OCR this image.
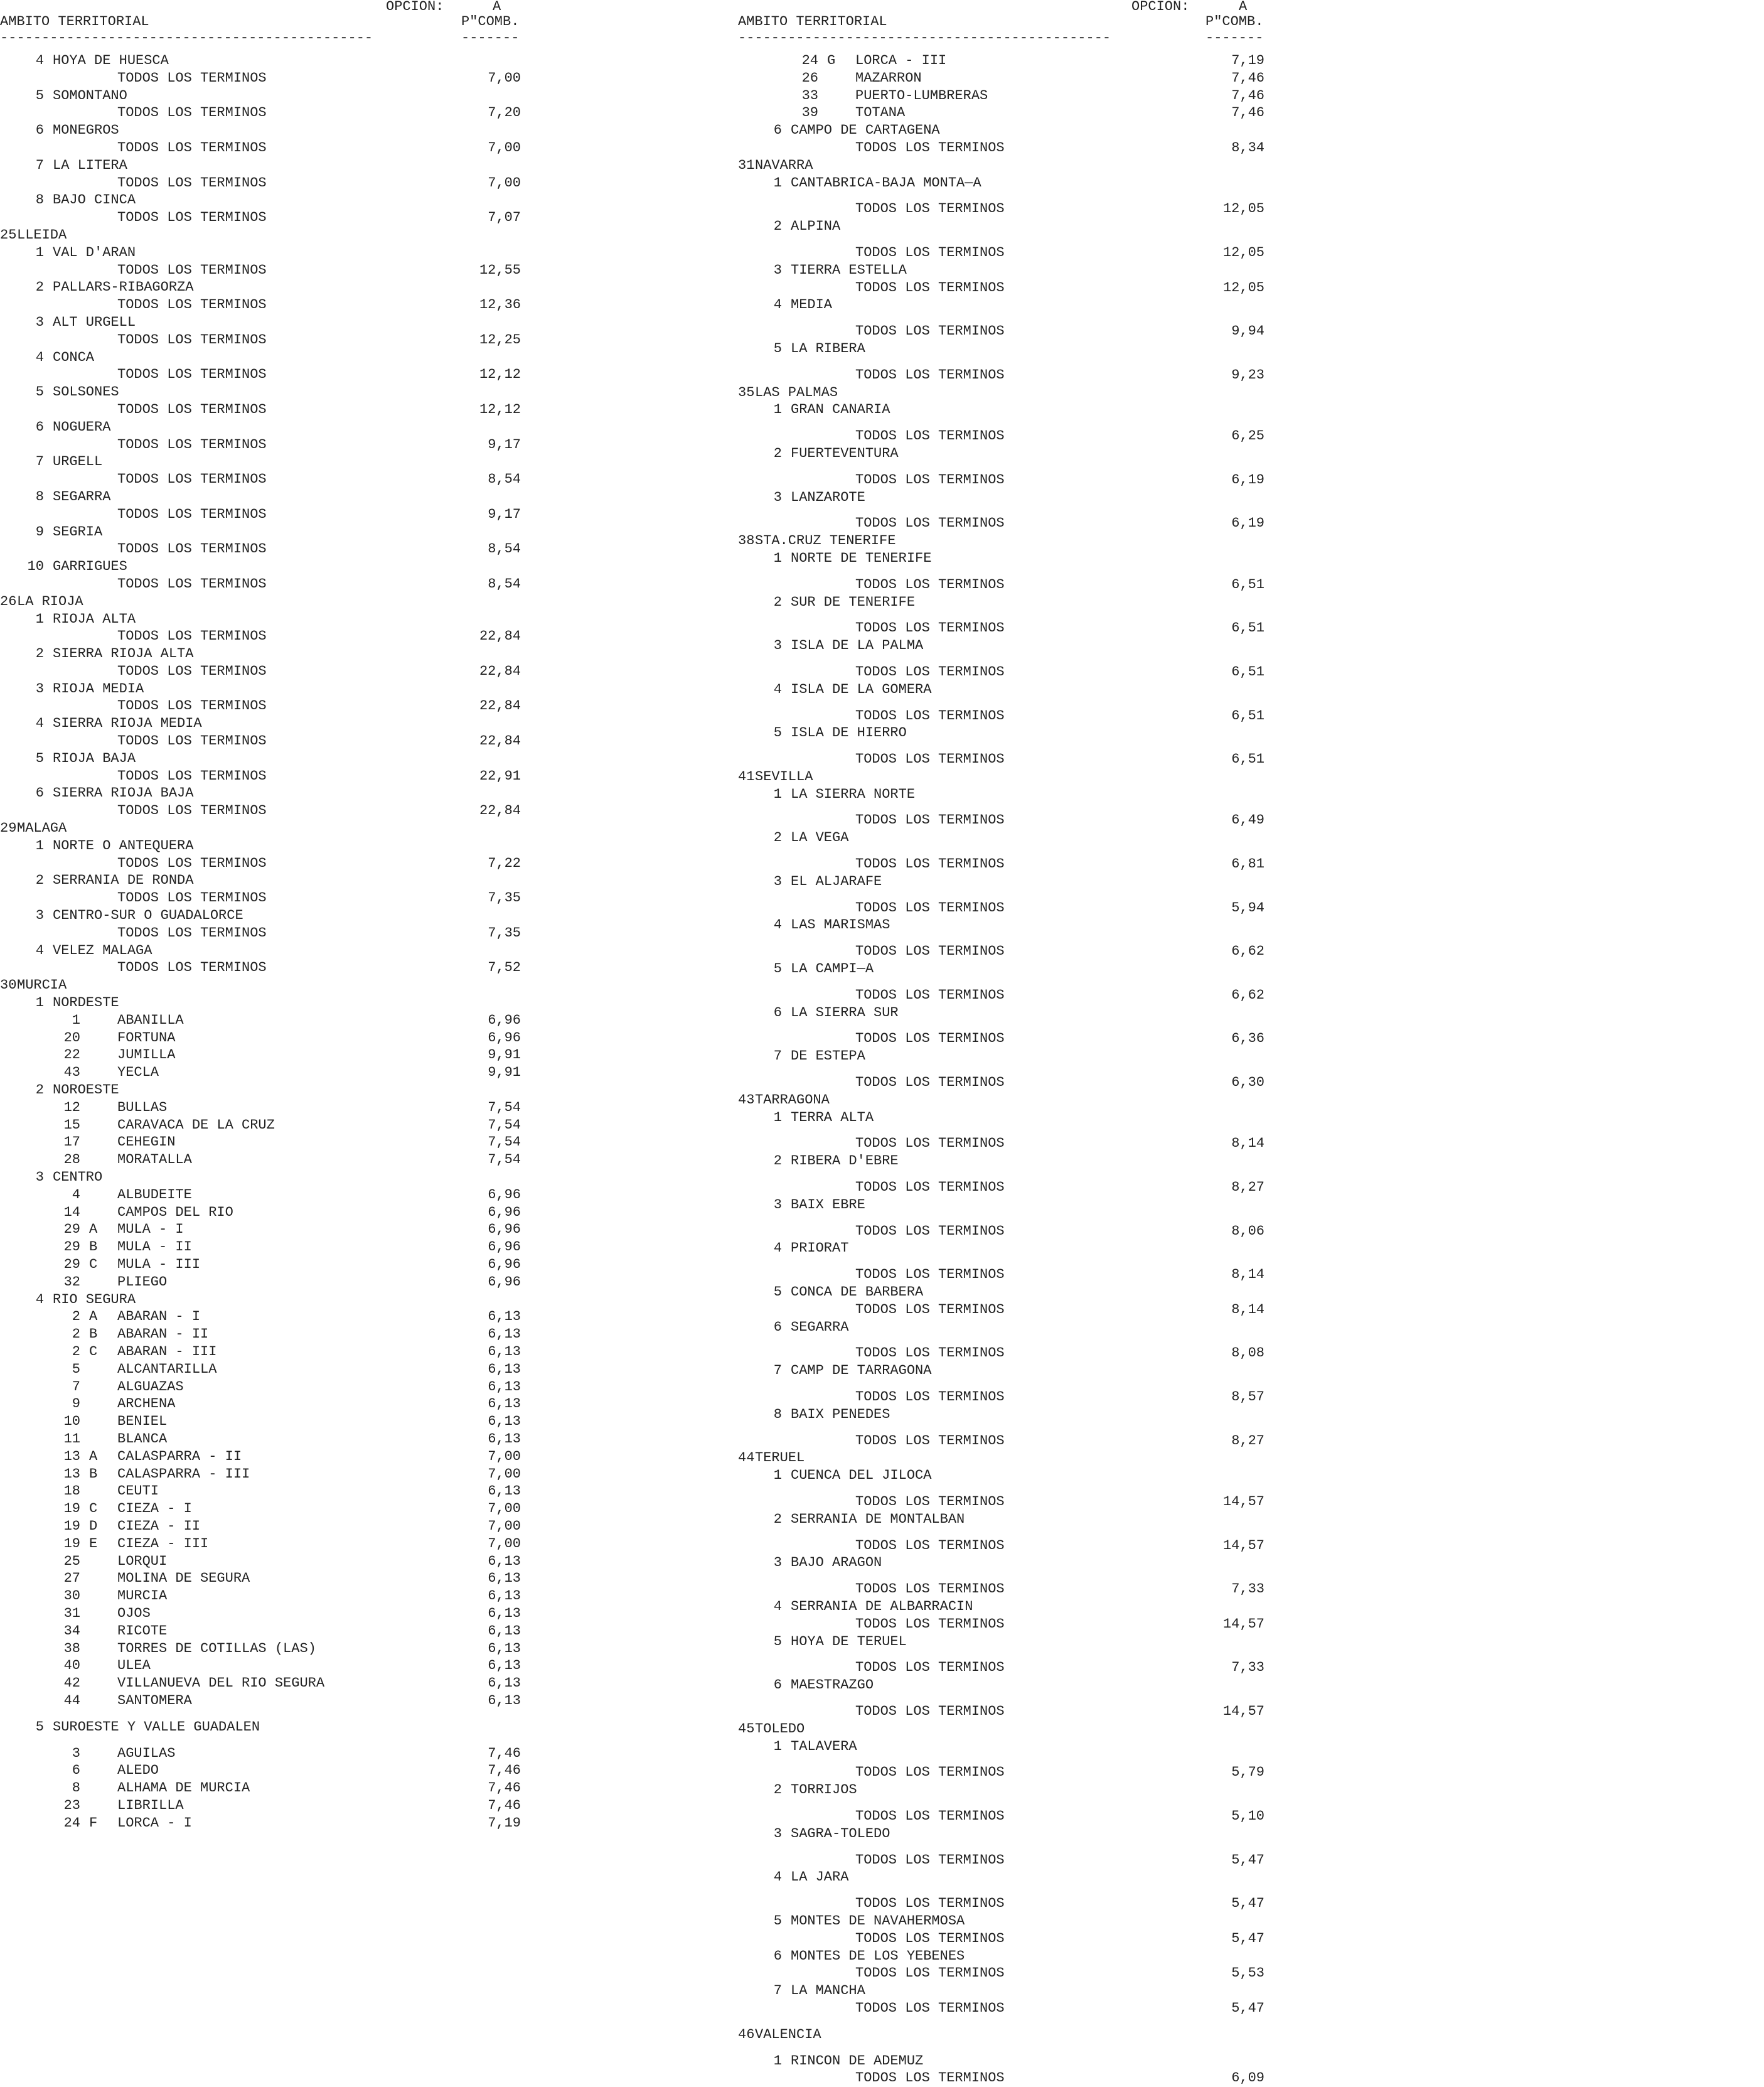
OPCION:	A
AMBITO TERRITORIAL	P"COMB.
---------------------------------------------	-------
4 HOYA DE HUESCA
TODOS LOS TERMINOS	7,00
5 SOMONTANO
TODOS LOS TERMINOS	7,20
6 MONEGROS
TODOS LOS TERMINOS	7,00
7 LA LITERA
TODOS LOS TERMINOS	7,00
8 BAJO CINCA
TODOS LOS TERMINOS	7,07
25 LLEIDA
1 VAL D'ARAN
TODOS LOS TERMINOS	12,55
2 PALLARS-RIBAGORZA
TODOS LOS TERMINOS	12,36
3 ALT URGELL
TODOS LOS TERMINOS	12,25
4 CONCA
TODOS LOS TERMINOS	12,12
5 SOLSONES
TODOS LOS TERMINOS	12,12
6 NOGUERA
TODOS LOS TERMINOS	9,17
7 URGELL
TODOS LOS TERMINOS	8,54
8 SEGARRA
TODOS LOS TERMINOS	9,17
9 SEGRIA
TODOS LOS TERMINOS	8,54
10 GARRIGUES
TODOS LOS TERMINOS	8,54
26 LA RIOJA
1 RIOJA ALTA
TODOS LOS TERMINOS	22,84
2 SIERRA RIOJA ALTA
TODOS LOS TERMINOS	22,84
3 RIOJA MEDIA
TODOS LOS TERMINOS	22,84
4 SIERRA RIOJA MEDIA
TODOS LOS TERMINOS	22,84
5 RIOJA BAJA
TODOS LOS TERMINOS	22,91
6 SIERRA RIOJA BAJA
TODOS LOS TERMINOS	22,84
29 MALAGA
1 NORTE O ANTEQUERA
TODOS LOS TERMINOS	7,22
2 SERRANIA DE RONDA
TODOS LOS TERMINOS	7,35
3 CENTRO-SUR O GUADALORCE
TODOS LOS TERMINOS	7,35
4 VELEZ MALAGA
TODOS LOS TERMINOS	7,52
30 MURCIA
1 NORDESTE
1	ABANILLA	6,96
20	FORTUNA	6,96
22	JUMILLA	9,91
43	YECLA	9,91
2 NOROESTE
12	BULLAS	7,54
15	CARAVACA DE LA CRUZ	7,54
17	CEHEGIN	7,54
28	MORATALLA	7,54
3 CENTRO
4	ALBUDEITE	6,96
14	CAMPOS DEL RIO	6,96
29 A MULA - I	6,96
29 B MULA - II	6,96
29 C MULA - III	6,96
32	PLIEGO	6,96
4 RIO SEGURA
2 A ABARAN - I	6,13
2 B ABARAN - II	6,13
2 C ABARAN - III	6,13
5	ALCANTARILLA	6,13
7	ALGUAZAS	6,13
9	ARCHENA	6,13
10	BENIEL	6,13
11	BLANCA	6,13
13 A CALASPARRA - II	7,00
13 B CALASPARRA - III	7,00
18	CEUTI	6,13
19 C CIEZA - I	7,00
19 D CIEZA - II	7,00
19 E CIEZA - III	7,00
25	LORQUI	6,13
27	MOLINA DE SEGURA	6,13
30	MURCIA	6,13
31	OJOS	6,13
34	RICOTE	6,13
38	TORRES DE COTILLAS (LAS)	6,13
40	ULEA	6,13
42	VILLANUEVA DEL RIO SEGURA	6,13
44	SANTOMERA	6,13
5 SUROESTE Y VALLE GUADALEN
3	AGUILAS	7,46
6	ALEDO	7,46
8	ALHAMA DE MURCIA	7,46
23	LIBRILLA	7,46
24 F LORCA - I	7,19
OPCION:	A
AMBITO TERRITORIAL	P"COMB.
---------------------------------------------	-------
24 G LORCA - III	7,19
26	MAZARRON	7,46
33	PUERTO-LUMBRERAS	7,46
39	TOTANA	7,46
6 CAMPO DE CARTAGENA
TODOS LOS TERMINOS	8,34
31 NAVARRA
1 CANTABRICA-BAJA MONTA—A
TODOS LOS TERMINOS	12,05
2 ALPINA
TODOS LOS TERMINOS	12,05
3 TIERRA ESTELLA
TODOS LOS TERMINOS	12,05
4 MEDIA
TODOS LOS TERMINOS	9,94
5 LA RIBERA
TODOS LOS TERMINOS	9,23
35 LAS PALMAS
1 GRAN CANARIA
TODOS LOS TERMINOS	6,25
2 FUERTEVENTURA
TODOS LOS TERMINOS	6,19
3 LANZAROTE
TODOS LOS TERMINOS	6,19
38 STA.CRUZ TENERIFE
1 NORTE DE TENERIFE
TODOS LOS TERMINOS	6,51
2 SUR DE TENERIFE
TODOS LOS TERMINOS	6,51
3 ISLA DE LA PALMA
TODOS LOS TERMINOS	6,51
4 ISLA DE LA GOMERA
TODOS LOS TERMINOS	6,51
5 ISLA DE HIERRO
TODOS LOS TERMINOS	6,51
41 SEVILLA
1 LA SIERRA NORTE
TODOS LOS TERMINOS	6,49
2 LA VEGA
TODOS LOS TERMINOS	6,81
3 EL ALJARAFE
TODOS LOS TERMINOS	5,94
4 LAS MARISMAS
TODOS LOS TERMINOS	6,62
5 LA CAMPI—A
TODOS LOS TERMINOS	6,62
6 LA SIERRA SUR
TODOS LOS TERMINOS	6,36
7 DE ESTEPA
TODOS LOS TERMINOS	6,30
43 TARRAGONA
1 TERRA ALTA
TODOS LOS TERMINOS	8,14
2 RIBERA D'EBRE
TODOS LOS TERMINOS	8,27
3 BAIX EBRE
TODOS LOS TERMINOS	8,06
4 PRIORAT
TODOS LOS TERMINOS	8,14
5 CONCA DE BARBERA
TODOS LOS TERMINOS	8,14
6 SEGARRA
TODOS LOS TERMINOS	8,08
7 CAMP DE TARRAGONA
TODOS LOS TERMINOS	8,57
8 BAIX PENEDES
TODOS LOS TERMINOS	8,27
44 TERUEL
1 CUENCA DEL JILOCA
TODOS LOS TERMINOS	14,57
2 SERRANIA DE MONTALBAN
TODOS LOS TERMINOS	14,57
3 BAJO ARAGON
TODOS LOS TERMINOS	7,33
4 SERRANIA DE ALBARRACIN
TODOS LOS TERMINOS	14,57
5 HOYA DE TERUEL
TODOS LOS TERMINOS	7,33
6 MAESTRAZGO
TODOS LOS TERMINOS	14,57
45 TOLEDO
1 TALAVERA
TODOS LOS TERMINOS	5,79
2 TORRIJOS
TODOS LOS TERMINOS	5,10
3 SAGRA-TOLEDO
TODOS LOS TERMINOS	5,47
4 LA JARA
TODOS LOS TERMINOS	5,47
5 MONTES DE NAVAHERMOSA
TODOS LOS TERMINOS	5,47
6 MONTES DE LOS YEBENES
TODOS LOS TERMINOS	5,53
7 LA MANCHA
TODOS LOS TERMINOS	5,47
46 VALENCIA
1 RINCON DE ADEMUZ
TODOS LOS TERMINOS	6,09
